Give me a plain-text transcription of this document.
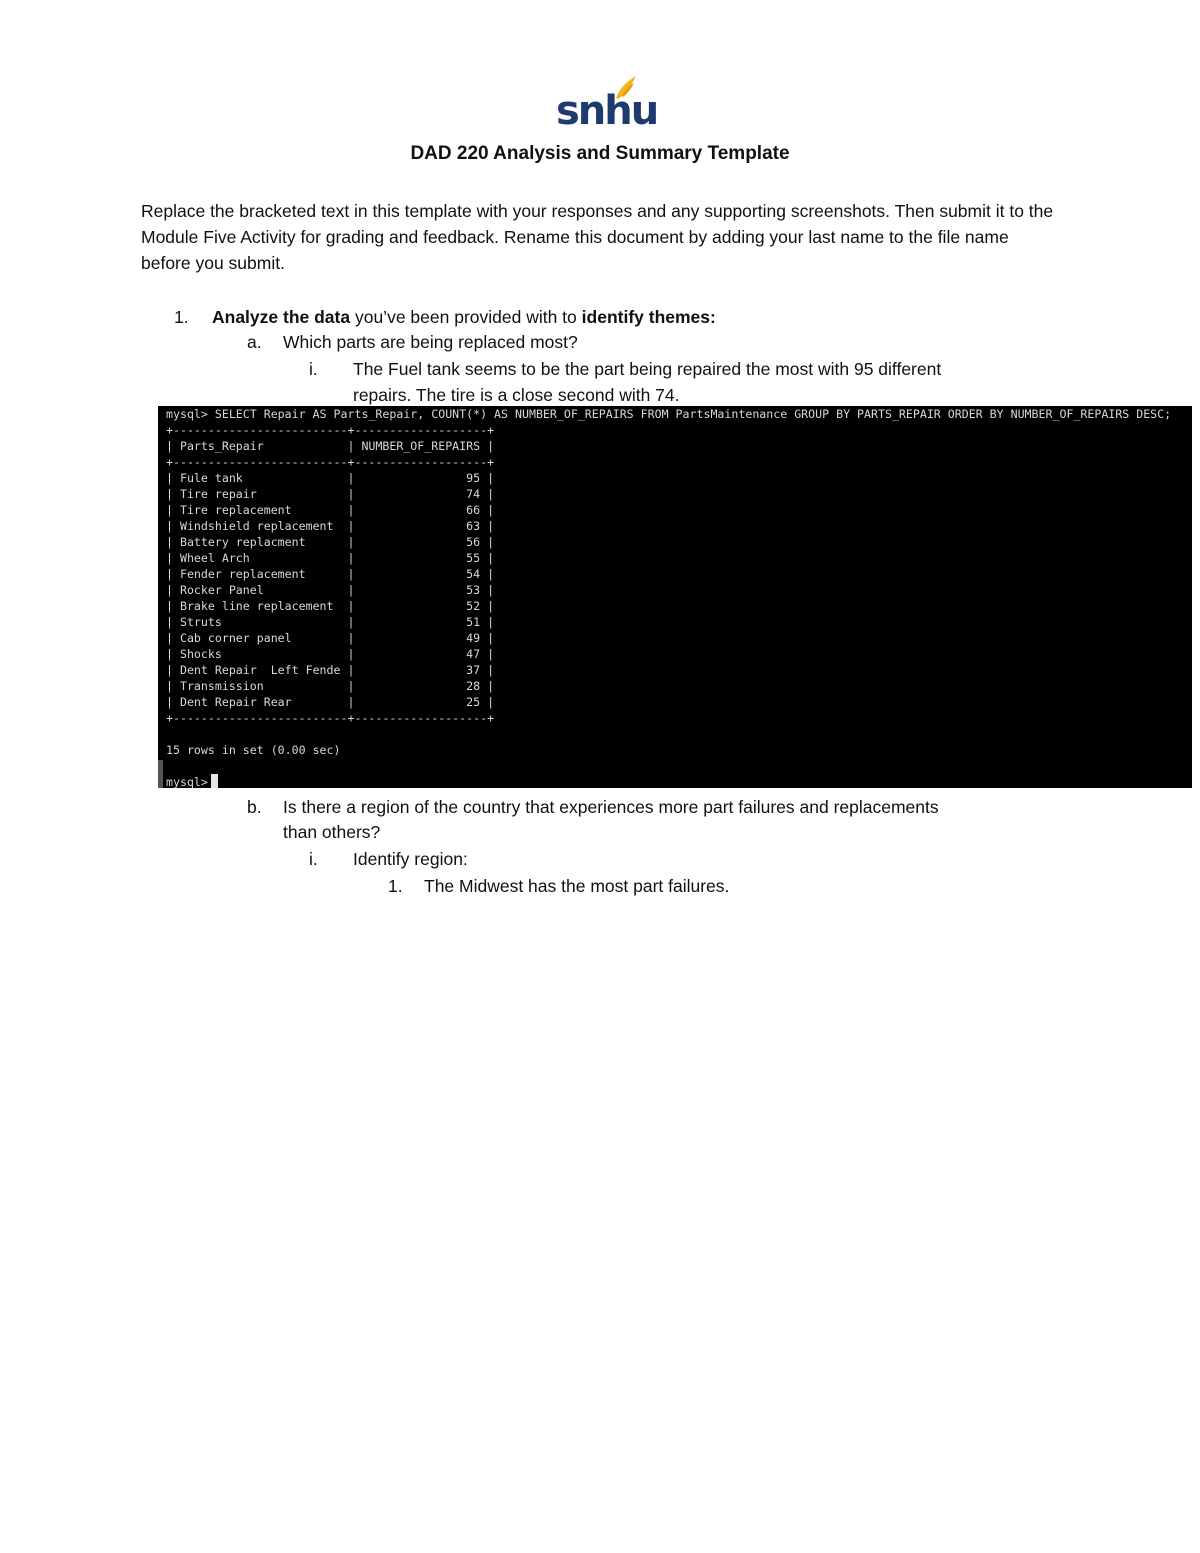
snhu
DAD 220 Analysis and Summary Template
Replace the bracketed text in this template with your responses and any supporting screenshots. Then submit it to the Module Five Activity for grading and feedback. Rename this document by adding your last name to the file name before you submit.
1. Analyze the data you’ve been provided with to identify themes:
a. Which parts are being replaced most?
i. The Fuel tank seems to be the part being repaired the most with 95 different
repairs. The tire is a close second with 74.
mysql> SELECT Repair AS Parts_Repair, COUNT(*) AS NUMBER_OF_REPAIRS FROM PartsMaintenance GROUP BY PARTS_REPAIR ORDER BY NUMBER_OF_REPAIRS DESC;
+-------------------------+-------------------+
| Parts_Repair            | NUMBER_OF_REPAIRS |
+-------------------------+-------------------+
| Fule tank               |                95 |
| Tire repair             |                74 |
| Tire replacement        |                66 |
| Windshield replacement  |                63 |
| Battery replacment      |                56 |
| Wheel Arch              |                55 |
| Fender replacement      |                54 |
| Rocker Panel            |                53 |
| Brake line replacement  |                52 |
| Struts                  |                51 |
| Cab corner panel        |                49 |
| Shocks                  |                47 |
| Dent Repair  Left Fende |                37 |
| Transmission            |                28 |
| Dent Repair Rear        |                25 |
+-------------------------+-------------------+

15 rows in set (0.00 sec)

mysql>
b. Is there a region of the country that experiences more part failures and replacements
than others?
i. Identify region:
1. The Midwest has the most part failures.
